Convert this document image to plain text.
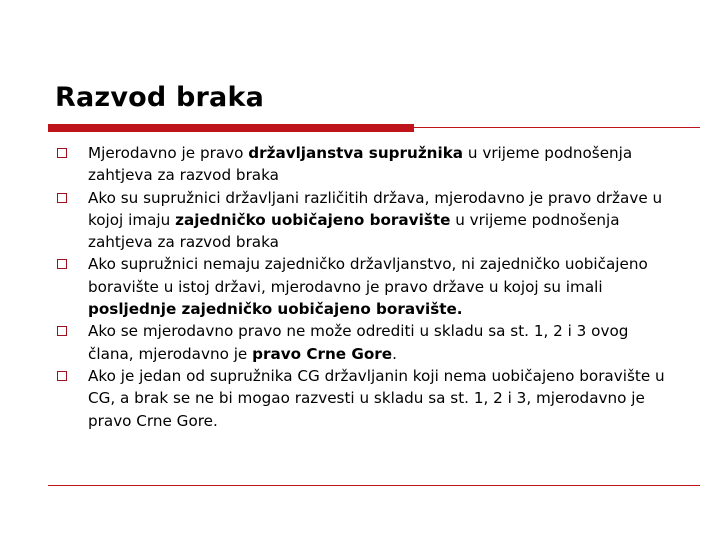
Razvod braka
Mjerodavno je pravo državljanstva supružnika u vrijeme podnošenja zahtjeva za razvod braka
Ako su supružnici državljani različitih država, mjerodavno je pravo države u kojoj imaju zajedničko uobičajeno boravište u vrijeme podnošenja zahtjeva za razvod braka
Ako supružnici nemaju zajedničko državljanstvo, ni zajedničko uobičajeno boravište u istoj državi, mjerodavno je pravo države u kojoj su imali posljednje zajedničko uobičajeno boravište.
Ako se mjerodavno pravo ne može odrediti u skladu sa st. 1, 2 i 3 ovog člana, mjerodavno je pravo Crne Gore.
Ako je jedan od supružnika CG državljanin koji nema uobičajeno boravište u CG, a brak se ne bi mogao razvesti u skladu sa st. 1, 2 i 3, mjerodavno je pravo Crne Gore.
